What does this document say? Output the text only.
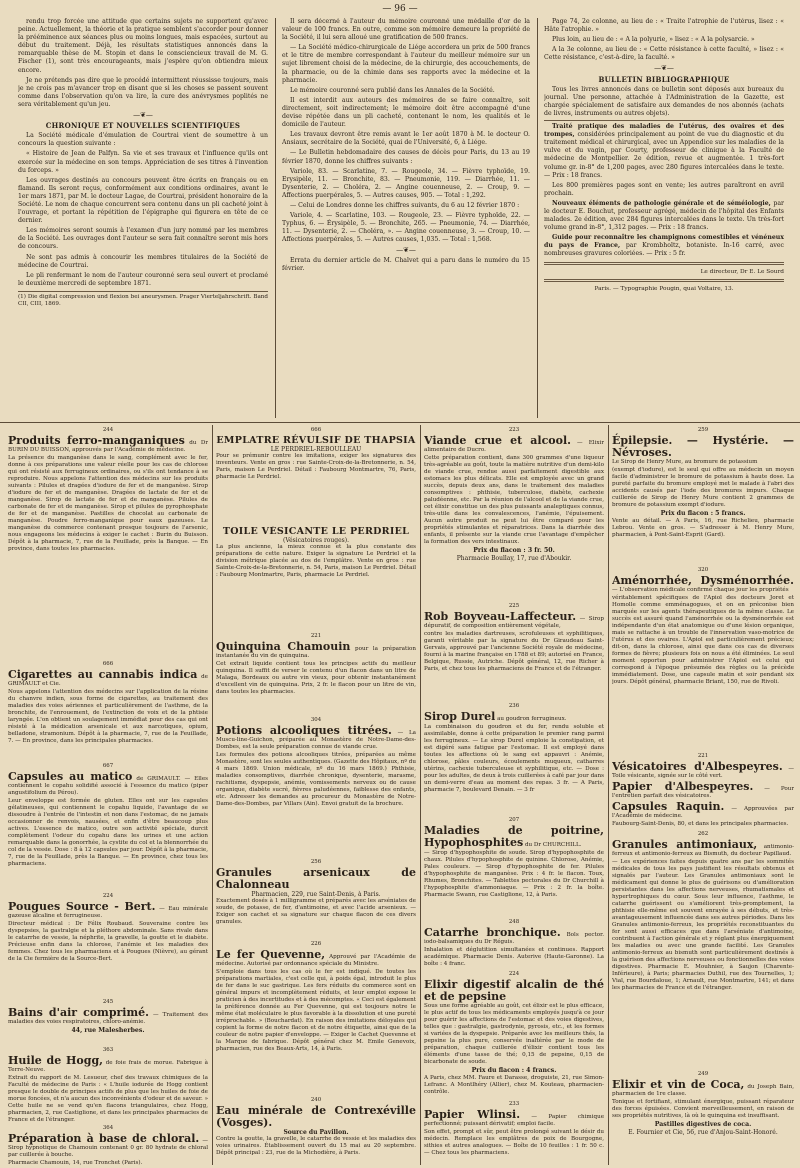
— 96 —

rendu trop forcée une attitude que certains sujets ne supportent qu'avec peine. Actuellement, la théorie et la pratique semblent s'accorder pour donner la prééminence aux séances plus ou moins longues, mais espacées, surtout au début du traitement. Déjà, les résultats statistiques annoncés dans la remarquable thèse de M. Stopin et dans le consciencieux travail de M. G. Fischer (1), sont très encourageants, mais j'espère qu'on obtiendra mieux encore.

Je ne prétends pas dire que le procédé intermittent réussisse toujours, mais je ne crois pas m'avancer trop en disant que si les choses se passent souvent comme dans l'observation qu'on va lire, la cure des anévrysmes poplités ne sera véritablement qu'un jeu.

—❦—
CHRONIQUE ET NOUVELLES SCIENTIFIQUES

La Société médicale d'émulation de Courtrai vient de soumettre à un concours la question suivante :

« Histoire de Jean de Palfyn. Sa vie et ses travaux et l'influence qu'ils ont exercée sur la médecine en son temps. Appréciation de ses titres à l'invention du forceps. »

Les ouvrages destinés au concours peuvent être écrits en français ou en flamand. Ils seront reçus, conformément aux conditions ordinaires, avant le 1er mars 1871, par M. le docteur Lagae, de Courtrai, président honoraire de la Société. Le nom de chaque concurrent sera contenu dans un pli cacheté joint à l'ouvrage, et portant la répétition de l'épigraphe qui figurera en tête de ce dernier.

Les mémoires seront soumis à l'examen d'un jury nommé par les membres de la Société. Les ouvrages dont l'auteur se sera fait connaître seront mis hors de concours.

Ne sont pas admis à concourir les membres titulaires de la Société de médecine de Courtrai.

Le pli renfermant le nom de l'auteur couronné sera seul ouvert et proclamé le deuxième mercredi de septembre 1871.

(1) Die digital compression und flexion bei aneurysmen. Prager Vierteljahrschrift. Band CII, CIII, 1869.

Il sera décerné à l'auteur du mémoire couronné une médaille d'or de la valeur de 100 francs. En outre, comme son mémoire demeure la propriété de la Société, il lui sera alloué une gratification de 500 francs.

— La Société médico-chirurgicale de Liége accordera un prix de 500 francs et le titre de membre correspondant à l'auteur du meilleur mémoire sur un sujet librement choisi de la médecine, de la chirurgie, des accouchements, de la pharmacie, ou de la chimie dans ses rapports avec la médecine et la pharmacie.

Le mémoire couronné sera publié dans les Annales de la Société.

Il est interdit aux auteurs des mémoires de se faire connaître, soit directement, soit indirectement; le mémoire doit être accompagné d'une devise répétée dans un pli cacheté, contenant le nom, les qualités et le domicile de l'auteur.

Les travaux devront être remis avant le 1er août 1870 à M. le docteur O. Ansiaux, secrétaire de la Société, quai de l'Université, 6, à Liége.

— Le Bulletin hebdomadaire des causes de décès pour Paris, du 13 au 19 février 1870, donne les chiffres suivants :

Variole, 83. — Scarlatine, 7. — Rougeole, 34. — Fièvre typhoïde, 19. Erysipèle, 11. — Bronchite, 83. — Pneumonie, 119. — Diarrhée, 11. — Dysenterie, 2. — Choléra, 2. — Angine couenneuse, 2. — Croup, 9. — Affections puerpérales, 5. — Autres causes, 905. — Total : 1,292.

— Celui de Londres donne les chiffres suivants, du 6 au 12 février 1870 :

Variole, 4. — Scarlatine, 103. — Rougeole, 23. — Fièvre typhoïde, 22. — Typhus, 6. — Érysipèle, 5. — Bronchite, 265. — Pneumonie, 74. — Diarrhée, 11. — Dysenterie, 2. — Choléra, ». — Angine couenneuse, 3. — Croup, 10. — Affections puerpérales, 5. — Autres causes, 1,035. — Total : 1,568.

—❦—

Errata du dernier article de M. Chalvet qui a paru dans le numéro du 15 février.

Page 74, 2e colonne, au lieu de : « Traite l'atrophie de l'utérus, lisez : « Hâte l'atrophie. »

Plus loin, au lieu de : « A la polyurie, » lisez : « A la polysarcie. »

A la 3e colonne, au lieu de : « Cette résistance à cette faculté, » lisez : « Cette résistance, c'est-à-dire, la faculté. »

—❦—
BULLETIN BIBLIOGRAPHIQUE

Tous les livres annoncés dans ce bulletin sont déposés aux bureaux du journal. Une personne, attachée à l'Administration de la Gazette, est chargée spécialement de satisfaire aux demandes de nos abonnés (achats de livres, instruments ou autres objets).

Traité pratique des maladies de l'utérus, des ovaires et des trompes, considérées principalement au point de vue du diagnostic et du traitement médical et chirurgical, avec un Appendice sur les maladies de la vulve et du vagin, par Courty, professeur de clinique à la Faculté de médecine de Montpellier. 2e édition, revue et augmentée. 1 très-fort volume gr. in-8° de 1,200 pages, avec 280 figures intercalées dans le texte. — Prix : 18 francs.

Les 800 premières pages sont en vente; les autres paraîtront en avril prochain.

Nouveaux éléments de pathologie générale et de séméiologie, par le docteur E. Bouchut, professeur agrégé, médecin de l'hôpital des Enfants malades. 2e édition, avec 284 figures intercalées dans le texte. Un très-fort volume grand in-8°, 1,312 pages. — Prix : 18 francs.

Guide pour reconnaître les champignons comestibles et vénéneux du pays de France, par Krombholtz, botaniste. In-16 carré, avec nombreuses gravures coloriées. — Prix : 5 fr.

Le directeur, Dr E. Le Sourd
Paris. — Typographie Pougin, quai Voltaire, 13.
244

Produits ferro-manganiques du Dr BURIN DU BUISSON, approuvés par l'Académie de médecine.

La présence du manganèse dans le sang, complément avec le fer, donne à ces préparations une valeur réelle pour les cas de chlorose qui ont résisté aux ferrugineux ordinaires, ou s'ils ont tendance à se reproduire. Nous appelons l'attention des médecins sur les produits suivants : Pilules et dragées d'iodure de fer et de manganèse. Sirop d'iodure de fer et de manganèse. Dragées de lactate de fer et de manganèse. Sirop de lactate de fer et de manganèse. Pilules de carbonate de fer et de manganèse. Sirop et pilules de pyrophosphate de fer et de manganèse. Pastilles de chocolat au carbonate de manganèse. Poudre ferro-manganique pour eaux gazeuses. Le manganèse du commerce contenant presque toujours de l'arsenic, nous engageons les médecins à exiger le cachet : Burin du Buisson. Dépôt à la pharmacie, 7, rue de la Feuillade, près la Banque. — En province, dans toutes les pharmacies.

666

Cigarettes au cannabis indica de GRIMAULT et Cie.

Nous appelons l'attention des médecins sur l'application de la résine du chanvre indien, sous forme de cigarettes, au traitement des maladies des voies aériennes et particulièrement de l'asthme, de la bronchite, de l'enrouement, de l'extinction de voix et de la phtisie laryngée. L'on obtient un soulagement immédiat pour des cas qui ont résisté à la médication arsenicale et aux narcotiques, opium, belladone, stramonium. Dépôt à la pharmacie, 7, rue de la Feuillade, 7. — En province, dans les principales pharmacies.

667

Capsules au matico de GRIMAULT. — Elles contiennent le copahu solidifié associé à l'essence du matico (piper angustifolium du Pérou).

Leur enveloppe est formée de gluten. Elles ont sur les capsules gélatineuses, qui contiennent le copahu liquide, l'avantage de se dissoudre à l'entrée de l'intestin et non dans l'estomac, de ne jamais occasionner de renvois, nausées, et enfin d'être beaucoup plus actives. L'essence de matico, outre son activité spéciale, durcit complètement l'odeur du copahu dans les urines et une action remarquable dans la gonorrhée, la cystite du col et la blennorrhée du col de la vessie. Dose : 8 à 12 capsules par jour. Dépôt à la pharmacie, 7, rue de la Feuillade, près la Banque. — En province, chez tous les pharmaciens.

224

Pougues Source - Bert. — Eau minérale gazeuse alcaline et ferrugineuse.

Directeur médical : Dr Félix Roubaud. Souveraine contre les dyspepsies, la gastralgie et la pléthore abdominale. Sans rivale dans le catarrhe de vessie, la néphrite, la gravelle, la goutte et le diabète. Précieuse enfin dans la chlorose, l'anémie et les maladies des femmes. Chez tous les pharmaciens et à Pougues (Nièvre), au gérant de la Cie fermière de la Source-Bert.

245

Bains d'air comprimé. — Traitement des maladies des voies respiratoires, chloro-anémie.

44, rue Malesherbes.

363

Huile de Hogg, de foie frais de morue. Fabrique à Terre-Neuve.

Extrait du rapport de M. Lesueur, chef des travaux chimiques de la Faculté de médecine de Paris : « L'huile iodurée de Hogg contient presque le double de principes actifs de plus que les huiles de foie de morue foncées, et n'a aucun des inconvénients d'odeur et de saveur. » Cette huile ne se vend qu'en flacons triangulaires, chez Hogg, pharmacien, 2, rue Castiglione, et dans les principales pharmacies de France et de l'étranger.

364

Préparation à base de chloral. — Sirop hypnotique de Chamouin contenant 0 gr. 80 hydrate de chloral par cuillerée à bouche.

Pharmacie Chamouin, 14, rue Tronchet (Paris).

666
EMPLATRE RÉVULSIF DE THAPSIA
LE PERDRIEL-REBOULLEAU

Pour se prémunir contre les imitations, exiger les signatures des inventeurs. Vente en gros : rue Sainte-Croix-de-la-Bretonnerie, n. 54, Paris, maison Le Perdriel. Détail : Faubourg Montmartre, 76, Paris, pharmacie Le Perdriel.

TOILE VÉSICANTE LE PERDRIEL
(Vésicatoires rouges).

La plus ancienne, la mieux connue et la plus constante des préparations de cette nature. Exiger la signature Le Perdriel et la division métrique placée au dos de l'emplâtre. Vente en gros : rue Sainte-Croix-de-la-Bretonnerie, n. 54, Paris, maison Le Perdriel. Détail : Faubourg Montmartre, Paris, pharmacie Le Perdriel.

221

Quinquina Chamouin pour la préparation instantanée du vin de quinquina.

Cet extrait liquide contient tous les principes actifs du meilleur quinquina. Il suffit de verser le contenu d'un flacon dans un litre de Malaga, Bordeaux ou autre vin vieux, pour obtenir instantanément d'excellent vin de quinquina. Prix, 2 fr. le flacon pour un litre de vin, dans toutes les pharmacies.

304

Potions alcooliques titrées. — La Muscu-line-Guichon, préparée au Monastère de Notre-Dame-des-Dombes, est la seule préparation connue de viande crue.

Les formules des potions alcooliques titrées, préparées au même Monastère, sont les seules authentiques. (Gazette des Hôpitaux, nº du 4 mars 1869. Union médicale, nº du 16 mars 1869.) Phthisie, maladies consomptives, diarrhée chronique, dysenterie, marasme, rachitisme, dyspepsie, anémie, vomissements nerveux ou de cause organique, diabète sucré, fièvres paludéennes, faiblesse des enfants, etc. Adresser les demandes au procureur du Monastère de Notre-Dame-des-Dombes, par Villars (Ain). Envoi gratuit de la brochure.

256
Granules arsenicaux de Chalonneau
Pharmacien, 229, rue Saint-Denis, à Paris.

Exactement dosés à 1 milligramme et préparés avec les arséniates de soude, de potasse, de fer, d'antimoine, et avec l'acide arsenieux. — Exiger son cachet et sa signature sur chaque flacon de ces divers granules.

226

Le fer Quevenne, Approuvé par l'Académie de médecine. Autorisé par ordonnance spéciale du Ministre.

S'emploie dans tous les cas où le fer est indiqué. De toutes les préparations martiales, c'est celle qui, à poids égal, introduit le plus de fer dans le suc gastrique. Les fers réduits du commerce sont en général impurs et incomplètement réduits, et leur emploi expose le praticien à des incertitudes et à des mécomptes. « Ceci est également la préférence donnée au Fer Quevenne, qui est toujours notre le même état moléculaire le plus favorable à la dissolution et une pureté irréprochable. » (Bouchardat). En raison des imitations déloyales qui copient la forme de notre flacon et de notre étiquette, ainsi que de la couleur de notre papier d'enveloppe. — Exiger le Cachet Quevenne et la Marque de fabrique. Dépôt général chez M. Emile Genevoix, pharmacien, rue des Beaux-Arts, 14, à Paris.

240
Eau minérale de Contrexéville (Vosges).
Source du Pavillon.

Contre la goutte, la gravelle, le catarrhe de vessie et les maladies des voies urinaires. Établissement ouvert du 15 mai au 20 septembre. Dépôt principal : 23, rue de la Michodière, à Paris.

223

Viande crue et alcool. — Elixir alimentaire de Ducro.

Cette préparation contient, dans 300 grammes d'une liqueur très-agréable au goût, toute la matière nutritive d'un demi-kilo de viande crue, rendue aussi parfaitement digestible aux estomacs les plus délicats. Elle est employée avec un grand succès, depuis deux ans, dans le traitement des maladies consomptives : phthisie, tuberculose, diabète, cachexie paludéenne, etc. Par la réunion de l'alcool et de la viande crue, cet élixir constitue un des plus puissants analeptiques connus, très-utile dans les convalescences, l'anémie, l'épuisement. Aucun autre produit ne peut lui être comparé pour les propriétés stimulantes et réparatrices. Dans la diarrhée des enfants, il présente sur la viande crue l'avantage d'empêcher la formation des vers intestinaux.

Prix du flacon : 3 fr. 50.

Pharmacie Boullay, 17, rue d'Aboukir.

225

Rob Boyveau-Laffecteur. — Sirop dépuratif, de composition entièrement végétale,

contre les maladies dartreuses, scrofuleuses et syphilitiques, garanti véritable par la signature du Dr Giraudeau Saint-Gervais, approuvé par l'ancienne Société royale de médecine, fourni à la marine française en 1788 et 89; autorisé en France, Belgique, Russie, Autriche. Dépôt général, 12, rue Richer à Paris, et chez tous les pharmaciens de France et de l'étranger.

236

Sirop Durel au goudron ferrugineux.

La combinaison du goudron et du fer, rendu soluble et assimilable, donne à cette préparation le premier rang parmi les ferrugineux. — Le sirop Durel emploie la constipation, et est digéré sans fatigue par l'estomac. Il est employé dans toutes les affections où le sang est appauvri : Anémie, chlorose, pâles couleurs, écoulements muqueux, catharres utérins, cachexie tuberculeuse et syphilitique, etc. — Dose : pour les adultes, de deux à trois cuillerées à café par jour dans un demi-verre d'eau au moment des repas. 3 fr. — A Paris, pharmacie 7, boulevard Denain. — 3 fr

207

Maladies de poitrine, Hypophosphites du Dr CHURCHILL.

— Sirop d'hypophosphite de soude. Sirop d'hypophosphite de chaux. Pilules d'hypophosphite de quinine. Chlorose, Anémie, Pales couleurs. — Sirop d'hypophosphite de fer. Pilules d'hypophosphite de manganèse. Prix : 4 fr. le flacon. Toux, Rhumes, Bronchites. — Tablettes pectorales du Dr Churchill à l'hypophosphite d'ammoniaque. — Prix : 2 fr. la boîte. Pharmacie Swann, rue Castiglione, 12, à Paris.

248

Catarrhe bronchique. Bols pector. iodo-balsamiques du Dr Réguis.

Inhalation et déglutition simultanées et continues. Rapport académique. Pharmacie Denis. Auterive (Haute-Garonne). La boîte : 4 franc.

224
Elixir digestif alcalin de thé et de pepsine

Sous une forme agréable au goût, cet élixir est le plus efficace, le plus actif de tous les médicaments employés jusqu'à ce jour pour guérir les affections de l'estomac et des voies digestives, telles que : gastralgie, gastrodynie, pyrosis, etc., et les formes si variées de la dyspepsie. Préparée avec les meilleurs thés, la pepsine la plus pure, conservée inaltérée par le mode de préparation, chaque cuillerée d'élixir contient tous les éléments d'une tasse de thé; 0,15 de pepsine, 0,15 de bicarbonate de soude.

Prix du flacon : 4 francs.

A Paris, chez MM. Faure et Darasse, droguiste, 21, rue Simon-Lefranc. A Montlhéry (Allier), chez M. Kouteau, pharmacien-contrôle.

233

Papier Wlinsi. — Papier chimique perfectionné; puissant dérivatif; emploi facile.

Son effet, prompt et sûr, peut être prolongé suivant le désir du médecin. Remplace les emplâtres de poix de Bourgogne, sithies et autres analogues. — Boîte de 10 feuilles : 1 fr. 50 c. — Chez tous les pharmaciens.

259
Épilepsie. — Hystérie. — Névroses.

Le Sirop de Henry Mure, au bromure de potassium

(exempt d'iodure), est le seul qui offre au médecin un moyen facile d'administrer le bromure de potassium à haute dose. La pureté parfaite du bromure employé met le malade à l'abri des accidents causés par l'iode des bromures impurs. Chaque cuillerée de Sirop de Henry Mure contient 2 grammes de bromure de potassium exempt d'iodure.

Prix du flacon : 5 francs.

Vente au détail. — A Paris, 16, rue Richelieu, pharmacie Lebrou. Vente en gros. — S'adresser à M. Henry Mure, pharmacien, à Pont-Saint-Esprit (Gard).

320

Aménorrhée, Dysménorrhée. — L'observation médicale confirme chaque jour les propriétés

véritablement spécifiques de l'Apiol des docteurs Joret et Homolle comme emménagogues, et on en préconise bien marquée sur les agents thérapeutiques de la même classe. Le succès est assuré quand l'aménorrhée ou la dysménorrhée est indépendante d'un état anatomique ou d'une lésion organique, mais se rattache à un trouble de l'innervation vaso-motrice de l'utérus et des ovaires. L'Apiol est particulièrement précieux; dit-on, dans la chlorose, ainsi que dans ces cas de diverses formes de fièvre; plusieurs fois on nous a été éliminées. Le seul moment opportun pour administrer l'Apiol est celui qui correspond à l'époque présumée des règles ou la précède immédiatement. Dose, une capsule matin et soir pendant six jours. Dépôt général, pharmacie Briant, 150, rue de Rivoli.

221

Vésicatoires d'Albespeyres. — Toile vésicante, signée sur le côté vert.

Papier d'Albespeyres. — Pour l'entretien parfait des vésicatoires.

Capsules Raquin. — Approuvées par l'Académie de médecine.

Faubourg-Saint-Denis, 80, et dans les principales pharmacies.

262

Granules antimoniaux, antimonio-ferreux et antimonio-ferreux au Bismuth, du docteur Papillaud.

— Les expériences faites depuis quatre ans par les sommités médicales de tous les pays justifient les résultats obtenus et signalés par l'auteur. Les Granules antimoniaux sont le médicament qui donne le plus de guérisons ou d'amélioration persistantes dans les affections nerveuses, rhumatismales et hypertrophiques du cœur. Sous leur influence, l'asthme, le catarrhe guérissent ou s'améliorent très-promptement, la phthisie elle-même est souvent enrayée à ses débuts, et très-avantageusement influencée dans ses autres périodes. Dans les Granules antimonio-ferreux, les propriétés reconstituantes du fer sont aussi efficaces que dans l'arséniate d'antimoine, contribuent à l'action générale et y réglant plus énergiquement les maladies ou avec une grande facilité. Les Granules antimonio-ferreux au bismuth sont particulièrement destinés à la guérison des affections nerveuses ou fonctionnelles des voies digestives. Pharmacie E. Mouhnier, à Saujon (Charente-Inférieure), à Paris; pharmacies Duthil, rue des Tournelles, 1; Vial, rue Bourdaloue, 1; Arnault, rue Montmartre, 141; et dans les pharmacies de France et de l'étranger.

249

Elixir et vin de Coca, du Joseph Bain, pharmacien de 1re classe.

Tonique et fortifiant, stimulant énergique, puissant réparateur des forces épuisées. Convient merveilleusement, en raison de ses propriétés nutritives, là où le quinquina est insuffisant.

Pastilles digestives de coca.

E. Fournier et Cie, 56, rue d'Anjou-Saint-Honoré.
